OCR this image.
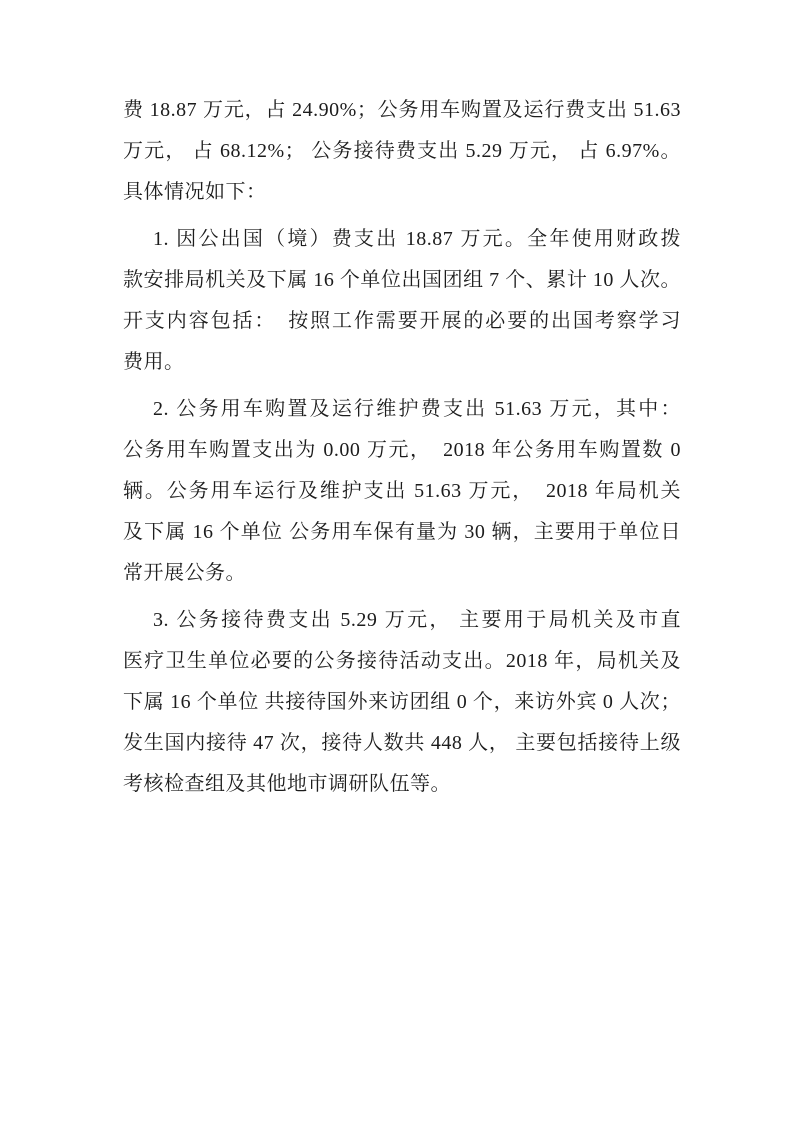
费 18.87 万元，占 24.90%；公务用车购置及运行费支出 51.63
万元， 占 68.12%； 公务接待费支出 5.29 万元， 占 6.97%。
具体情况如下：
1. 因公出国（境）费支出 18.87 万元。全年使用财政拨
款安排局机关及下属 16 个单位出国团组 7 个、累计 10 人次。
开支内容包括：　按照工作需要开展的必要的出国考察学习
费用。
2. 公务用车购置及运行维护费支出 51.63 万元，其中：
公务用车购置支出为 0.00 万元，　2018 年公务用车购置数 0
辆。公务用车运行及维护支出 51.63 万元，　2018 年局机关
及下属 16 个单位 公务用车保有量为 30 辆，主要用于单位日
常开展公务。
3. 公务接待费支出 5.29 万元， 主要用于局机关及市直
医疗卫生单位必要的公务接待活动支出。2018 年，局机关及
下属 16 个单位 共接待国外来访团组 0 个，来访外宾 0 人次；
发生国内接待 47 次，接待人数共 448 人， 主要包括接待上级
考核检查组及其他地市调研队伍等。
